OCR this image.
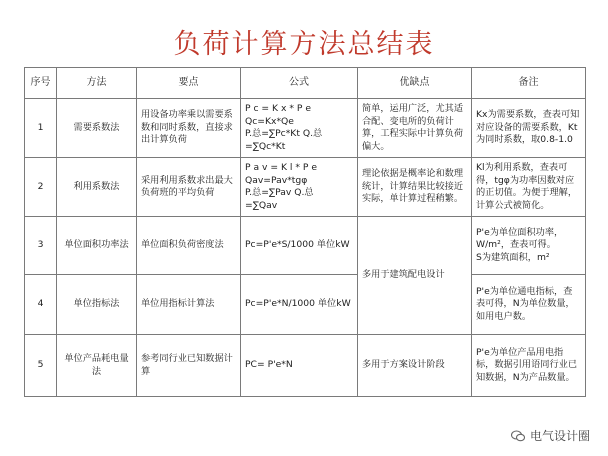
负荷计算方法总结表
序号	方法	要点	公式	优缺点	备注
1	需要系数法	用设备功率乘以需要系数和同时系数，直接求出计算负荷	P c = K x * P e
Qc=Kx*Qe
P.总=∑Pc*Kt Q.总
=∑Qc*Kt	简单，运用广泛，尤其适合配、变电所的负荷计算，工程实际中计算负荷偏大。	Kx为需要系数，查表可知对应设备的需要系数，Kt为同时系数，取0.8-1.0
2	利用系数法	采用利用系数求出最大负荷班的平均负荷	P a v = K l * P e
Qav=Pav*tgφ
P.总=∑Pav Q.总
=∑Qav	理论依据是概率论和数理统计，计算结果比较接近实际，单计算过程稍繁。	Kl为利用系数，查表可得，tgφ为功率因数对应的正切值。为便于理解，计算公式被简化。
3	单位面积功率法	单位面积负荷密度法	Pc=P'e*S/1000 单位kW	多用于建筑配电设计	P'e为单位面积功率，W/m²，查表可得。
S为建筑面积，m²
4	单位指标法	单位用指标计算法	Pc=P'e*N/1000 单位kW		P'e为单位通电指标，查表可得，N为单位数量，如用电户数。
5	单位产品耗电量法	参考同行业已知数据计算	PC= P'e*N	多用于方案设计阶段	P'e为单位产品用电指标，数据引用语同行业已知数据，N为产品数量。
电气设计圈
